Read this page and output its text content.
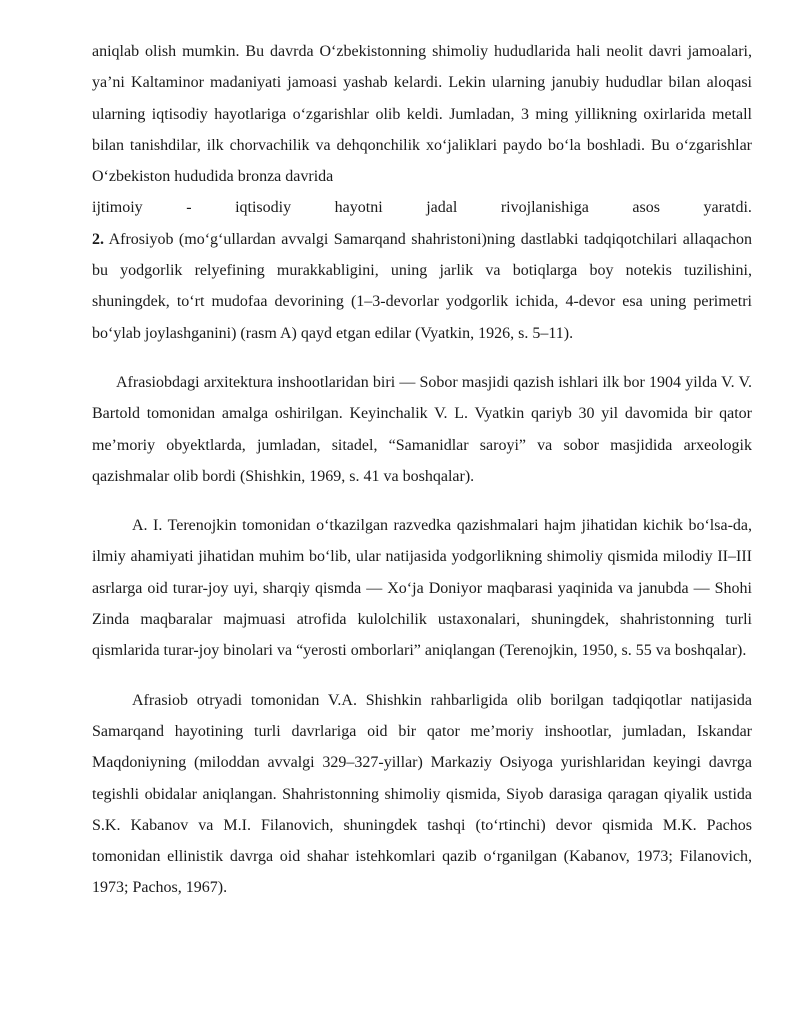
aniqlab olish mumkin. Bu davrda O‘zbekistonning shimoliy hududlarida hali neolit davri jamoalari, ya’ni Kaltaminor madaniyati jamoasi yashab kelardi. Lekin ularning janubiy hududlar bilan aloqasi ularning iqtisodiy hayotlariga o‘zgarishlar olib keldi. Jumladan, 3 ming yillikning oxirlarida metall bilan tanishdilar, ilk chorvachilik va dehqonchilik xo‘jaliklari paydo bo‘la boshladi. Bu o‘zgarishlar O‘zbekiston hududida bronza davrida
ijtimoiy	-	iqtisodiy	hayotni	jadal	rivojlanishiga	asos	yaratdi.

2. Afrosiyob (mo‘g‘ullardan avvalgi Samarqand shahristoni)ning dastlabki tadqiqotchilari allaqachon bu yodgorlik relyefining murakkabligini, uning jarlik va botiqlarga boy notekis tuzilishini, shuningdek, to‘rt mudofaa devorining (1–3-devorlar yodgorlik ichida, 4-devor esa uning perimetri bo‘ylab joylashganini) (rasm A) qayd etgan edilar (Vyatkin, 1926, s. 5–11).

Afrasiobdagi arxitektura inshootlaridan biri — Sobor masjidi qazish ishlari ilk bor 1904 yilda V. V. Bartold tomonidan amalga oshirilgan. Keyinchalik V. L. Vyatkin qariyb 30 yil davomida bir qator me’moriy obyektlarda, jumladan, sitadel, “Samanidlar saroyi” va sobor masjidida arxeologik qazishmalar olib bordi (Shishkin, 1969, s. 41 va boshqalar).

A. I. Terenojkin tomonidan o‘tkazilgan razvedka qazishmalari hajm jihatidan kichik bo‘lsa-da, ilmiy ahamiyati jihatidan muhim bo‘lib, ular natijasida yodgorlikning shimoliy qismida milodiy II–III asrlarga oid turar-joy uyi, sharqiy qismda — Xo‘ja Doniyor maqbarasi yaqinida va janubda — Shohi Zinda maqbaralar majmuasi atrofida kulolchilik ustaxonalari, shuningdek, shahristonning turli qismlarida turar-joy binolari va “yerosti omborlari” aniqlangan (Terenojkin, 1950, s. 55 va boshqalar).

Afrasiob otryadi tomonidan V.A. Shishkin rahbarligida olib borilgan tadqiqotlar natijasida Samarqand hayotining turli davrlariga oid bir qator me’moriy inshootlar, jumladan, Iskandar Maqdoniyning (miloddan avvalgi 329–327-yillar) Markaziy Osiyoga yurishlaridan keyingi davrga tegishli obidalar aniqlangan. Shahristonning shimoliy qismida, Siyob darasiga qaragan qiyalik ustida S.K. Kabanov va M.I. Filanovich, shuningdek tashqi (to‘rtinchi) devor qismida M.K. Pachos tomonidan ellinistik davrga oid shahar istehkomlari qazib o‘rganilgan (Kabanov, 1973; Filanovich, 1973; Pachos, 1967).
